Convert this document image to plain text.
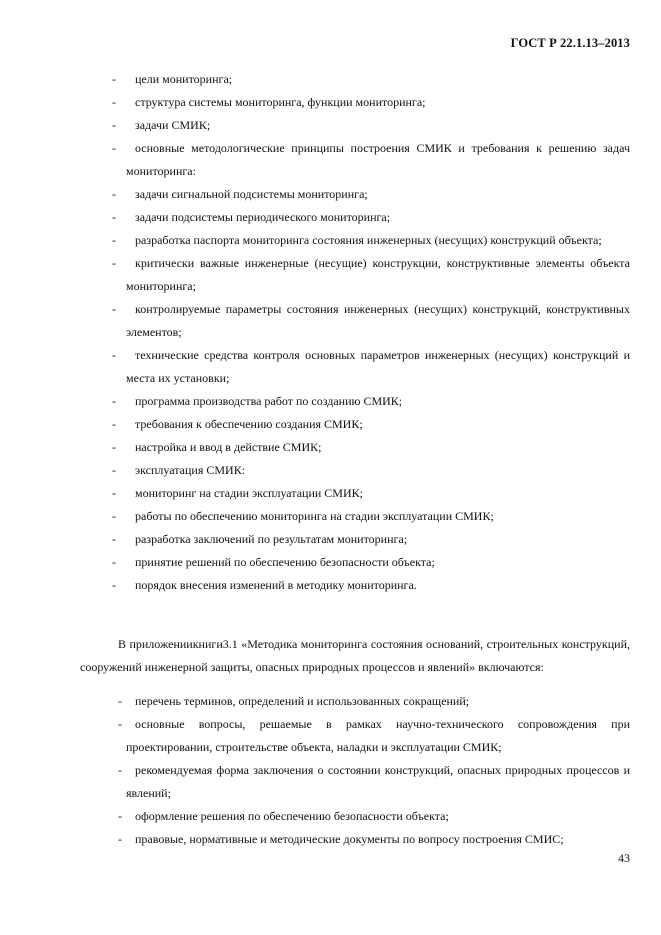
ГОСТ Р 22.1.13–2013
- цели мониторинга;
- структура системы мониторинга, функции мониторинга;
- задачи СМИК;
- основные методологические принципы построения СМИК и требования к решению задач мониторинга:
- задачи сигнальной подсистемы мониторинга;
- задачи подсистемы периодического мониторинга;
- разработка паспорта мониторинга состояния инженерных (несущих) конструкций объекта;
- критически важные инженерные (несущие) конструкции, конструктивные элементы объекта мониторинга;
- контролируемые параметры состояния инженерных (несущих) конструкций, конструктивных элементов;
- технические средства контроля основных параметров инженерных (несущих) конструкций и места их установки;
- программа производства работ по созданию СМИК;
- требования к обеспечению создания СМИК;
- настройка и ввод в действие СМИК;
- эксплуатация СМИК:
- мониторинг на стадии эксплуатации СМИК;
- работы по обеспечению мониторинга на стадии эксплуатации СМИК;
- разработка заключений по результатам мониторинга;
- принятие решений по обеспечению безопасности объекта;
- порядок внесения изменений в методику мониторинга.

В приложениикниги3.1 «Методика мониторинга состояния оснований, строительных конструкций, сооружений инженерной защиты, опасных природных процессов и явлений» включаются:

- перечень терминов, определений и использованных сокращений;
- основные вопросы, решаемые в рамках научно-технического сопровождения при проектировании, строительстве объекта, наладки и эксплуатации СМИК;
- рекомендуемая форма заключения о состоянии конструкций, опасных природных процессов и явлений;
- оформление решения по обеспечению безопасности объекта;
- правовые, нормативные и методические документы по вопросу построения СМИС;
43
